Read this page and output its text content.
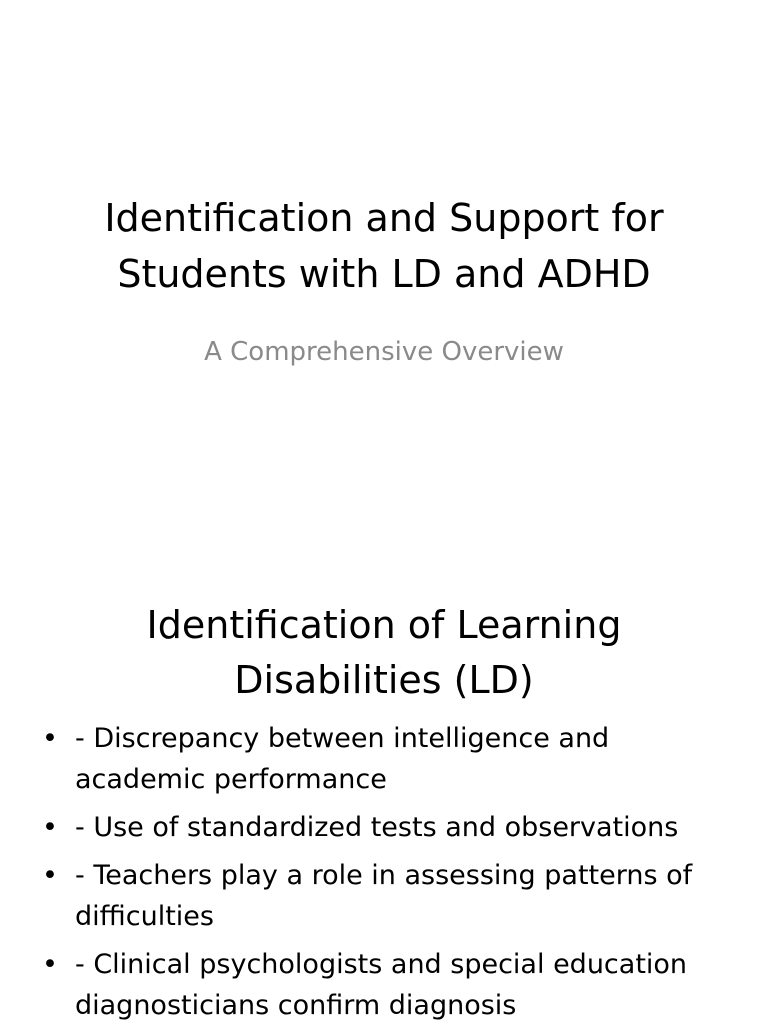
Identification and Support for Students with LD and ADHD

A Comprehensive Overview

Identification of Learning Disabilities (LD)
• - Discrepancy between intelligence and academic performance
• - Use of standardized tests and observations
• - Teachers play a role in assessing patterns of difficulties
• - Clinical psychologists and special education diagnosticians confirm diagnosis
